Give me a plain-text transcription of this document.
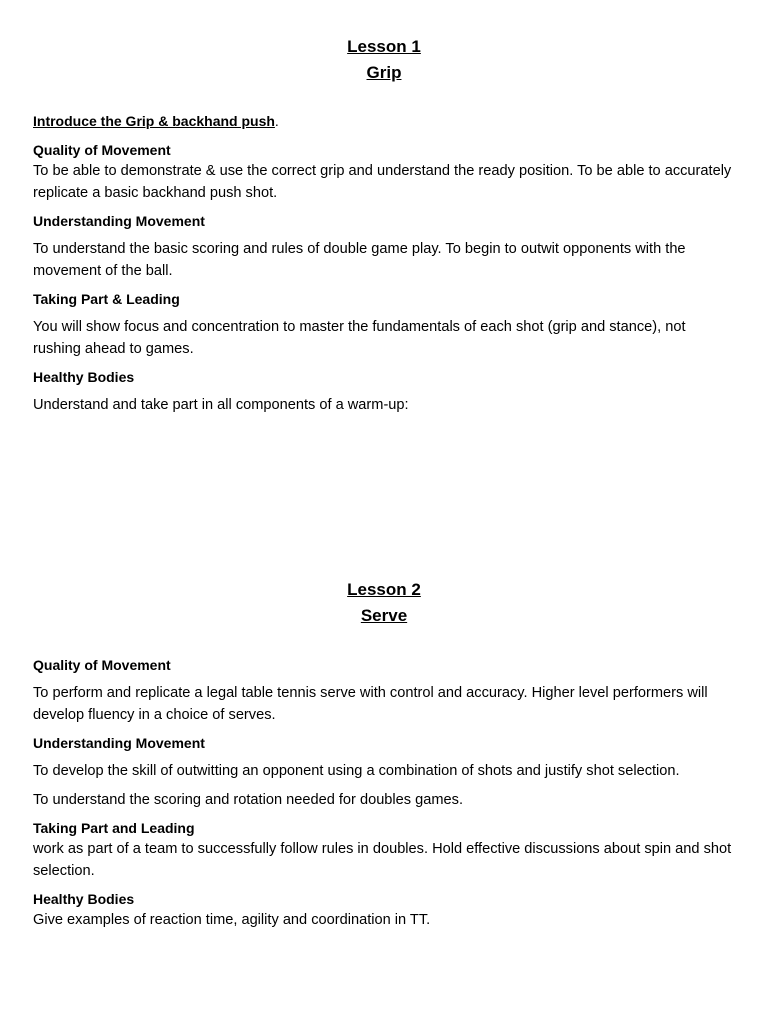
Lesson 1
Grip
Introduce the Grip & backhand push.
Quality of Movement
To be able to demonstrate & use the correct grip and understand the ready position. To be able to accurately replicate a basic backhand push shot.
Understanding Movement
To understand the basic scoring and rules of double game play. To begin to outwit opponents with the movement of the ball.
Taking Part & Leading
You will show focus and concentration to master the fundamentals of each shot (grip and stance), not rushing ahead to games.
Healthy Bodies
Understand and take part in all components of a warm-up:
Lesson 2
Serve
Quality of Movement
To perform and replicate a legal table tennis serve with control and accuracy. Higher level performers will develop fluency in a choice of serves.
Understanding Movement
To develop the skill of outwitting an opponent using a combination of shots and justify shot selection.
To understand the scoring and rotation needed for doubles games.
Taking Part and Leading
work as part of a team to successfully follow rules in doubles. Hold effective discussions about spin and shot selection.
Healthy Bodies
Give examples of reaction time, agility and coordination in TT.
